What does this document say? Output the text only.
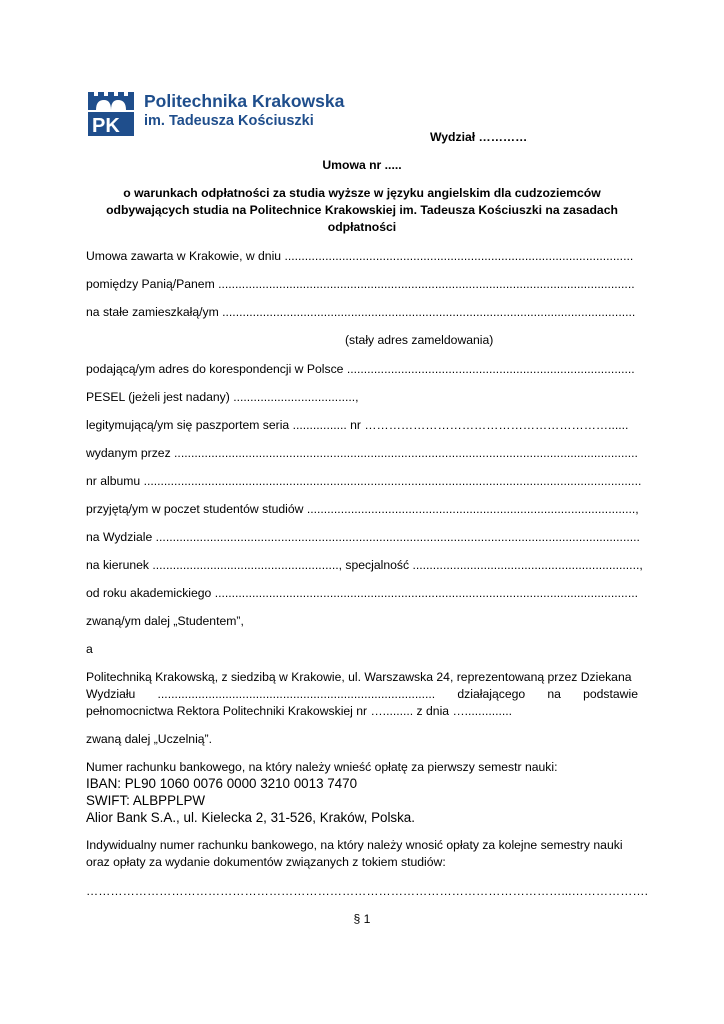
PK
Politechnika Krakowska
im. Tadeusza Kościuszki
Wydział …………
Umowa nr .....
o warunkach odpłatności za studia wyższe w języku angielskim dla cudzoziemców
odbywających studia na Politechnice Krakowskiej im. Tadeusza Kościuszki na zasadach
odpłatności
Umowa zawarta w Krakowie, w dniu .......................................................................................................
pomiędzy Panią/Panem ...........................................................................................................................
na stałe zamieszkałą/ym ..........................................................................................................................
(stały adres zameldowania)
podającą/ym adres do korespondencji w Polsce .....................................................................................
PESEL (jeżeli jest nadany) ....................................,
legitymującą/ym się paszportem seria ................ nr ……………………………………………………......
wydanym przez .........................................................................................................................................
nr albumu ...................................................................................................................................................
przyjętą/ym w poczet studentów studiów .................................................................................................,
na Wydziale ...............................................................................................................................................
na kierunek ......................................................., specjalność ...................................................................,
od roku akademickiego .............................................................................................................................
zwaną/ym dalej „Studentem”,
a
Politechniką Krakowską, z siedzibą w Krakowie, ul. Warszawska 24, reprezentowaną przez Dziekana
Wydziału .................................................................................. działającego na podstawie
pełnomocnictwa Rektora Politechniki Krakowskiej nr …......... z dnia …..............
zwaną dalej „Uczelnią”.
Numer rachunku bankowego, na który należy wnieść opłatę za pierwszy semestr nauki:
IBAN: PL90 1060 0076 0000 3210 0013 7470
SWIFT: ALBPPLPW
Alior Bank S.A., ul. Kielecka 2, 31-526, Kraków, Polska.
Indywidualny numer rachunku bankowego, na który należy wnosić opłaty za kolejne semestry nauki
oraz opłaty za wydanie dokumentów związanych z tokiem studiów:
………………………………………………………………………………………………………...……………….
§ 1
